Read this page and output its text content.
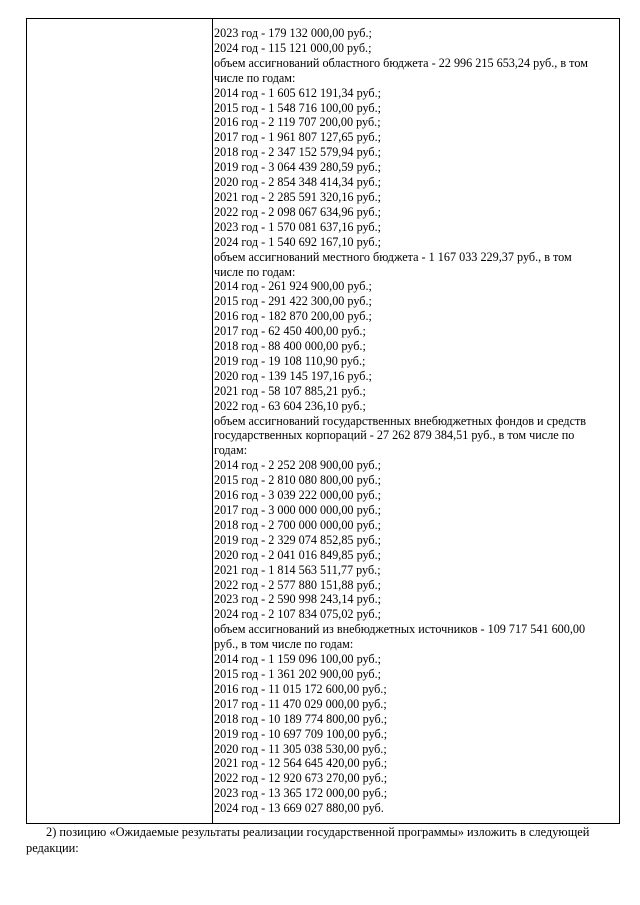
2023 год - 179 132 000,00 руб.;
2024 год - 115 121 000,00 руб.;
объем ассигнований областного бюджета - 22 996 215 653,24 руб., в том
числе по годам:
2014 год - 1 605 612 191,34 руб.;
2015 год - 1 548 716 100,00 руб.;
2016 год - 2 119 707 200,00 руб.;
2017 год - 1 961 807 127,65 руб.;
2018 год - 2 347 152 579,94 руб.;
2019 год - 3 064 439 280,59 руб.;
2020 год - 2 854 348 414,34 руб.;
2021 год - 2 285 591 320,16 руб.;
2022 год - 2 098 067 634,96 руб.;
2023 год - 1 570 081 637,16 руб.;
2024 год - 1 540 692 167,10 руб.;
объем ассигнований местного бюджета - 1 167 033 229,37 руб., в том
числе по годам:
2014 год - 261 924 900,00 руб.;
2015 год - 291 422 300,00 руб.;
2016 год - 182 870 200,00 руб.;
2017 год - 62 450 400,00 руб.;
2018 год - 88 400 000,00 руб.;
2019 год - 19 108 110,90 руб.;
2020 год - 139 145 197,16 руб.;
2021 год - 58 107 885,21 руб.;
2022 год - 63 604 236,10 руб.;
объем ассигнований государственных внебюджетных фондов и средств
государственных корпораций - 27 262 879 384,51 руб., в том числе по
годам:
2014 год - 2 252 208 900,00 руб.;
2015 год - 2 810 080 800,00 руб.;
2016 год - 3 039 222 000,00 руб.;
2017 год - 3 000 000 000,00 руб.;
2018 год - 2 700 000 000,00 руб.;
2019 год - 2 329 074 852,85 руб.;
2020 год - 2 041 016 849,85 руб.;
2021 год - 1 814 563 511,77 руб.;
2022 год - 2 577 880 151,88 руб.;
2023 год - 2 590 998 243,14 руб.;
2024 год - 2 107 834 075,02 руб.;
объем ассигнований из внебюджетных источников - 109 717 541 600,00
руб., в том числе по годам:
2014 год - 1 159 096 100,00 руб.;
2015 год - 1 361 202 900,00 руб.;
2016 год - 11 015 172 600,00 руб.;
2017 год - 11 470 029 000,00 руб.;
2018 год - 10 189 774 800,00 руб.;
2019 год - 10 697 709 100,00 руб.;
2020 год - 11 305 038 530,00 руб.;
2021 год - 12 564 645 420,00 руб.;
2022 год - 12 920 673 270,00 руб.;
2023 год - 13 365 172 000,00 руб.;
2024 год - 13 669 027 880,00 руб.
2) позицию «Ожидаемые результаты реализации государственной программы» изложить в следующей редакции:
